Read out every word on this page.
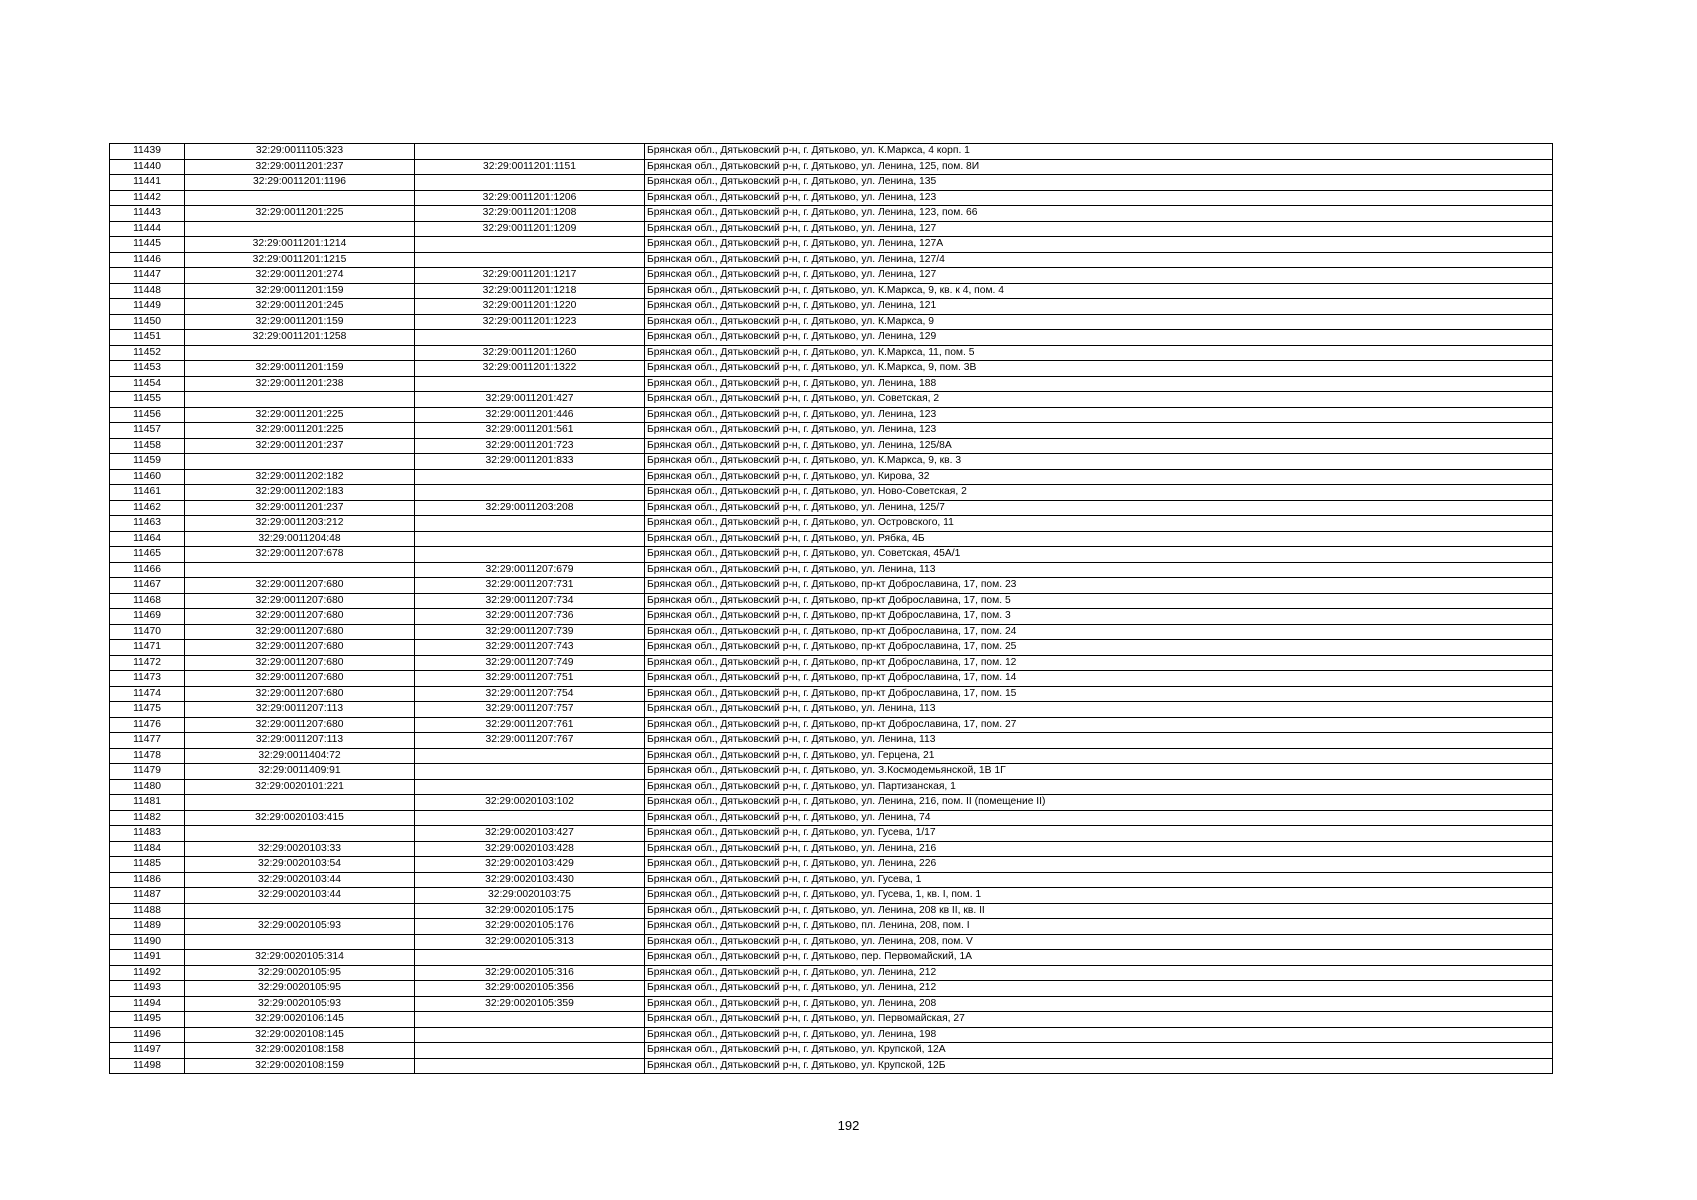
11439	32:29:0011105:323		Брянская обл., Дятьковский р-н, г. Дятьково, ул. К.Маркса, 4 корп. 1
11440	32:29:0011201:237	32:29:0011201:1151	Брянская обл., Дятьковский р-н, г. Дятьково, ул. Ленина, 125, пом. 8И
11441	32:29:0011201:1196		Брянская обл., Дятьковский р-н, г. Дятьково, ул. Ленина, 135
11442		32:29:0011201:1206	Брянская обл., Дятьковский р-н, г. Дятьково, ул. Ленина, 123
11443	32:29:0011201:225	32:29:0011201:1208	Брянская обл., Дятьковский р-н, г. Дятьково, ул. Ленина, 123, пом. 66
11444		32:29:0011201:1209	Брянская обл., Дятьковский р-н, г. Дятьково, ул. Ленина, 127
11445	32:29:0011201:1214		Брянская обл., Дятьковский р-н, г. Дятьково, ул. Ленина, 127А
11446	32:29:0011201:1215		Брянская обл., Дятьковский р-н, г. Дятьково, ул. Ленина, 127/4
11447	32:29:0011201:274	32:29:0011201:1217	Брянская обл., Дятьковский р-н, г. Дятьково, ул. Ленина, 127
11448	32:29:0011201:159	32:29:0011201:1218	Брянская обл., Дятьковский р-н, г. Дятьково, ул. К.Маркса, 9, кв. к 4, пом. 4
11449	32:29:0011201:245	32:29:0011201:1220	Брянская обл., Дятьковский р-н, г. Дятьково, ул. Ленина, 121
11450	32:29:0011201:159	32:29:0011201:1223	Брянская обл., Дятьковский р-н, г. Дятьково, ул. К.Маркса, 9
11451	32:29:0011201:1258		Брянская обл., Дятьковский р-н, г. Дятьково, ул. Ленина, 129
11452		32:29:0011201:1260	Брянская обл., Дятьковский р-н, г. Дятьково, ул. К.Маркса, 11, пом. 5
11453	32:29:0011201:159	32:29:0011201:1322	Брянская обл., Дятьковский р-н, г. Дятьково, ул. К.Маркса, 9, пом. 3В
11454	32:29:0011201:238		Брянская обл., Дятьковский р-н, г. Дятьково, ул. Ленина, 188
11455		32:29:0011201:427	Брянская обл., Дятьковский р-н, г. Дятьково, ул. Советская, 2
11456	32:29:0011201:225	32:29:0011201:446	Брянская обл., Дятьковский р-н, г. Дятьково, ул. Ленина, 123
11457	32:29:0011201:225	32:29:0011201:561	Брянская обл., Дятьковский р-н, г. Дятьково, ул. Ленина, 123
11458	32:29:0011201:237	32:29:0011201:723	Брянская обл., Дятьковский р-н, г. Дятьково, ул. Ленина, 125/8А
11459		32:29:0011201:833	Брянская обл., Дятьковский р-н, г. Дятьково, ул. К.Маркса, 9, кв. 3
11460	32:29:0011202:182		Брянская обл., Дятьковский р-н, г. Дятьково, ул. Кирова, 32
11461	32:29:0011202:183		Брянская обл., Дятьковский р-н, г. Дятьково, ул. Ново-Советская, 2
11462	32:29:0011201:237	32:29:0011203:208	Брянская обл., Дятьковский р-н, г. Дятьково, ул. Ленина, 125/7
11463	32:29:0011203:212		Брянская обл., Дятьковский р-н, г. Дятьково, ул. Островского, 11
11464	32:29:0011204:48		Брянская обл., Дятьковский р-н, г. Дятьково, ул. Рябка, 4Б
11465	32:29:0011207:678		Брянская обл., Дятьковский р-н, г. Дятьково, ул. Советская, 45А/1
11466		32:29:0011207:679	Брянская обл., Дятьковский р-н, г. Дятьково, ул. Ленина, 113
11467	32:29:0011207:680	32:29:0011207:731	Брянская обл., Дятьковский р-н, г. Дятьково, пр-кт Доброславина, 17, пом. 23
11468	32:29:0011207:680	32:29:0011207:734	Брянская обл., Дятьковский р-н, г. Дятьково, пр-кт Доброславина, 17, пом. 5
11469	32:29:0011207:680	32:29:0011207:736	Брянская обл., Дятьковский р-н, г. Дятьково, пр-кт Доброславина, 17, пом. 3
11470	32:29:0011207:680	32:29:0011207:739	Брянская обл., Дятьковский р-н, г. Дятьково, пр-кт Доброславина, 17, пом. 24
11471	32:29:0011207:680	32:29:0011207:743	Брянская обл., Дятьковский р-н, г. Дятьково, пр-кт Доброславина, 17, пом. 25
11472	32:29:0011207:680	32:29:0011207:749	Брянская обл., Дятьковский р-н, г. Дятьково, пр-кт Доброславина, 17, пом. 12
11473	32:29:0011207:680	32:29:0011207:751	Брянская обл., Дятьковский р-н, г. Дятьково, пр-кт Доброславина, 17, пом. 14
11474	32:29:0011207:680	32:29:0011207:754	Брянская обл., Дятьковский р-н, г. Дятьково, пр-кт Доброславина, 17, пом. 15
11475	32:29:0011207:113	32:29:0011207:757	Брянская обл., Дятьковский р-н, г. Дятьково, ул. Ленина, 113
11476	32:29:0011207:680	32:29:0011207:761	Брянская обл., Дятьковский р-н, г. Дятьково, пр-кт Доброславина, 17, пом. 27
11477	32:29:0011207:113	32:29:0011207:767	Брянская обл., Дятьковский р-н, г. Дятьково, ул. Ленина, 113
11478	32:29:0011404:72		Брянская обл., Дятьковский р-н, г. Дятьково, ул. Герцена, 21
11479	32:29:0011409:91		Брянская обл., Дятьковский р-н, г. Дятьково, ул. З.Космодемьянской, 1В 1Г
11480	32:29:0020101:221		Брянская обл., Дятьковский р-н, г. Дятьково, ул. Партизанская, 1
11481		32:29:0020103:102	Брянская обл., Дятьковский р-н, г. Дятьково, ул. Ленина, 216, пом. II (помещение II)
11482	32:29:0020103:415		Брянская обл., Дятьковский р-н, г. Дятьково, ул. Ленина, 74
11483		32:29:0020103:427	Брянская обл., Дятьковский р-н, г. Дятьково, ул. Гусева, 1/17
11484	32:29:0020103:33	32:29:0020103:428	Брянская обл., Дятьковский р-н, г. Дятьково, ул. Ленина, 216
11485	32:29:0020103:54	32:29:0020103:429	Брянская обл., Дятьковский р-н, г. Дятьково, ул. Ленина, 226
11486	32:29:0020103:44	32:29:0020103:430	Брянская обл., Дятьковский р-н, г. Дятьково, ул. Гусева, 1
11487	32:29:0020103:44	32:29:0020103:75	Брянская обл., Дятьковский р-н, г. Дятьково, ул. Гусева, 1, кв. I, пом. 1
11488		32:29:0020105:175	Брянская обл., Дятьковский р-н, г. Дятьково, ул. Ленина, 208 кв II, кв. II
11489	32:29:0020105:93	32:29:0020105:176	Брянская обл., Дятьковский р-н, г. Дятьково, пл. Ленина, 208, пом. I
11490		32:29:0020105:313	Брянская обл., Дятьковский р-н, г. Дятьково, ул. Ленина, 208, пом. V
11491	32:29:0020105:314		Брянская обл., Дятьковский р-н, г. Дятьково, пер. Первомайский, 1А
11492	32:29:0020105:95	32:29:0020105:316	Брянская обл., Дятьковский р-н, г. Дятьково, ул. Ленина, 212
11493	32:29:0020105:95	32:29:0020105:356	Брянская обл., Дятьковский р-н, г. Дятьково, ул. Ленина, 212
11494	32:29:0020105:93	32:29:0020105:359	Брянская обл., Дятьковский р-н, г. Дятьково, ул. Ленина, 208
11495	32:29:0020106:145		Брянская обл., Дятьковский р-н, г. Дятьково, ул. Первомайская, 27
11496	32:29:0020108:145		Брянская обл., Дятьковский р-н, г. Дятьково, ул. Ленина, 198
11497	32:29:0020108:158		Брянская обл., Дятьковский р-н, г. Дятьково, ул. Крупской, 12А
11498	32:29:0020108:159		Брянская обл., Дятьковский р-н, г. Дятьково, ул. Крупской, 12Б
192
